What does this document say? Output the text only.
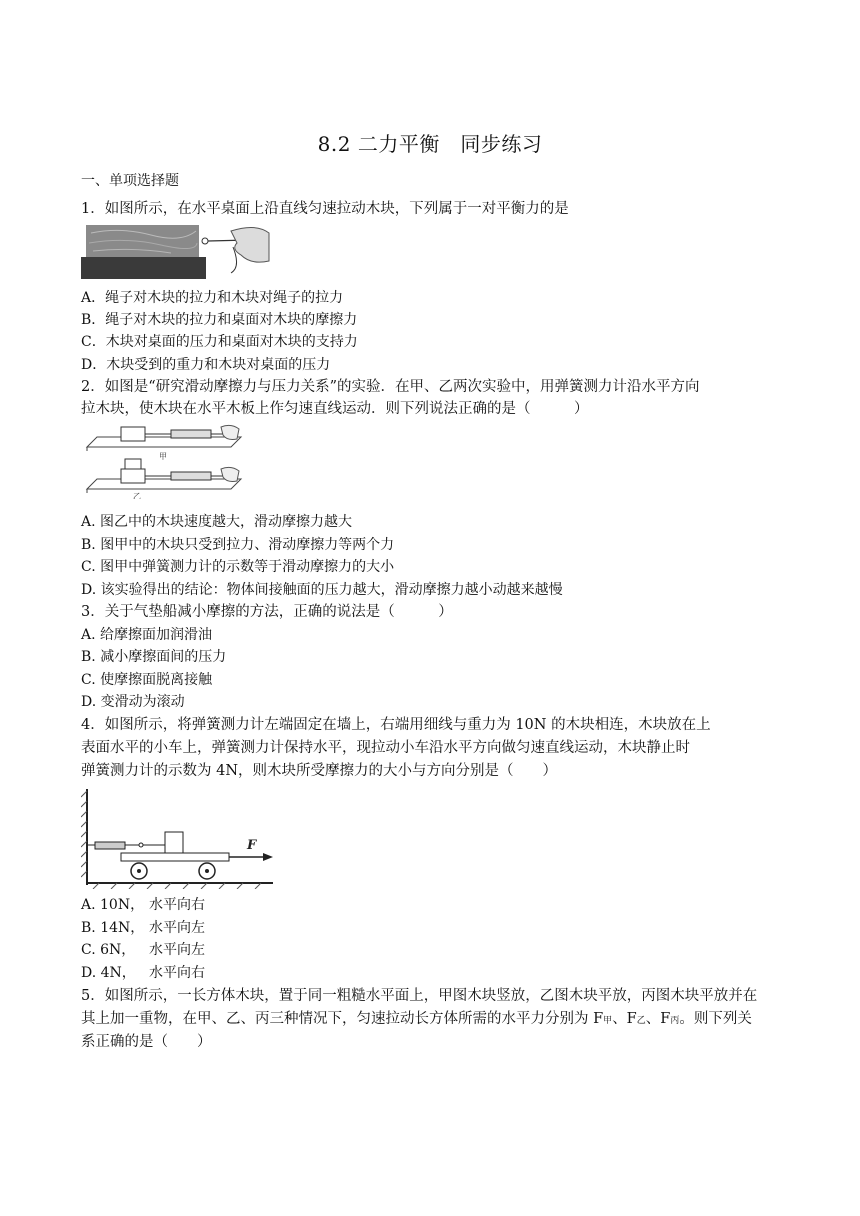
8.2 二力平衡　同步练习
一、单项选择题
1．如图所示，在水平桌面上沿直线匀速拉动木块，下列属于一对平衡力的是
A．绳子对木块的拉力和木块对绳子的拉力
B．绳子对木块的拉力和桌面对木块的摩擦力
C．木块对桌面的压力和桌面对木块的支持力
D．木块受到的重力和木块对桌面的压力
2．如图是“研究滑动摩擦力与压力关系”的实验．在甲、乙两次实验中，用弹簧测力计沿水平方向
拉木块，使木块在水平木板上作匀速直线运动．则下列说法正确的是（　　　）
甲
乙
A. 图乙中的木块速度越大，滑动摩擦力越大
B. 图甲中的木块只受到拉力、滑动摩擦力等两个力
C. 图甲中弹簧测力计的示数等于滑动摩擦力的大小
D. 该实验得出的结论：物体间接触面的压力越大，滑动摩擦力越小动越来越慢
3．关于气垫船减小摩擦的方法，正确的说法是（　　　）
A. 给摩擦面加润滑油
B. 减小摩擦面间的压力
C. 使摩擦面脱离接触
D. 变滑动为滚动
4．如图所示，将弹簧测力计左端固定在墙上，右端用细线与重力为 10N 的木块相连，木块放在上
表面水平的小车上，弹簧测力计保持水平，现拉动小车沿水平方向做匀速直线运动，木块静止时
弹簧测力计的示数为 4N，则木块所受摩擦力的大小与方向分别是（　　）
F
A. 10N， 水平向右
B. 14N， 水平向左
C. 6N， 水平向左
D. 4N， 水平向右
5．如图所示，一长方体木块，置于同一粗糙水平面上，甲图木块竖放，乙图木块平放，丙图木块平放并在
其上加一重物，在甲、乙、丙三种情况下，匀速拉动长方体所需的水平力分别为 F甲、F乙、F丙。则下列关
系正确的是（　　）
